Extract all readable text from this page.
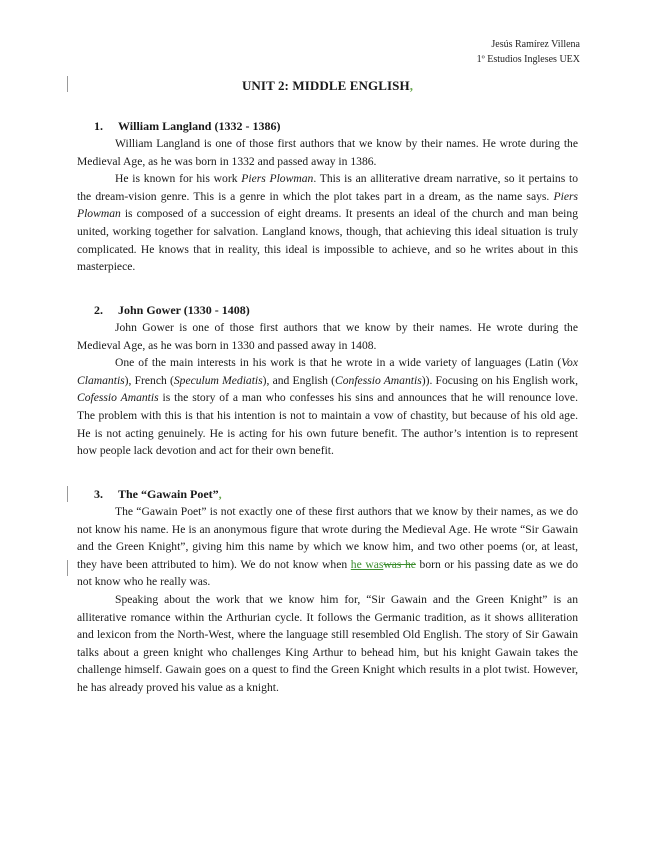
Jesús Ramírez Villena
1º Estudios Ingleses UEX
UNIT 2: MIDDLE ENGLISH,
1. William Langland (1332 - 1386)

William Langland is one of those first authors that we know by their names. He wrote during the Medieval Age, as he was born in 1332 and passed away in 1386.

He is known for his work Piers Plowman. This is an alliterative dream narrative, so it pertains to the dream-vision genre. This is a genre in which the plot takes part in a dream, as the name says. Piers Plowman is composed of a succession of eight dreams. It presents an ideal of the church and man being united, working together for salvation. Langland knows, though, that achieving this ideal situation is truly complicated. He knows that in reality, this ideal is impossible to achieve, and so he writes about in this masterpiece.

2. John Gower (1330 - 1408)

John Gower is one of those first authors that we know by their names. He wrote during the Medieval Age, as he was born in 1330 and passed away in 1408.

One of the main interests in his work is that he wrote in a wide variety of languages (Latin (Vox Clamantis), French (Speculum Mediatis), and English (Confessio Amantis)). Focusing on his English work, Cofessio Amantis is the story of a man who confesses his sins and announces that he will renounce love. The problem with this is that his intention is not to maintain a vow of chastity, but because of his old age. He is not acting genuinely. He is acting for his own future benefit. The author’s intention is to represent how people lack devotion and act for their own benefit.

3. The “Gawain Poet”,

The “Gawain Poet” is not exactly one of these first authors that we know by their names, as we do not know his name. He is an anonymous figure that wrote during the Medieval Age. He wrote “Sir Gawain and the Green Knight”, giving him this name by which we know him, and two other poems (or, at least, they have been attributed to him). We do not know when he waswas he born or his passing date as we do not know who he really was.

Speaking about the work that we know him for, “Sir Gawain and the Green Knight” is an alliterative romance within the Arthurian cycle. It follows the Germanic tradition, as it shows alliteration and lexicon from the North-West, where the language still resembled Old English. The story of Sir Gawain talks about a green knight who challenges King Arthur to behead him, but his knight Gawain takes the challenge himself. Gawain goes on a quest to find the Green Knight which results in a plot twist. However, he has already proved his value as a knight.
